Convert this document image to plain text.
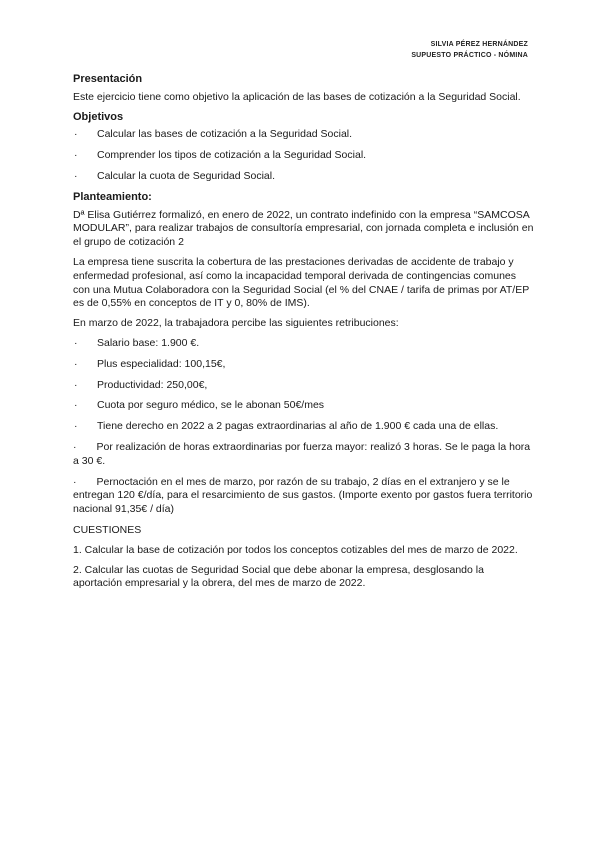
SILVIA PÉREZ HERNÁNDEZ
SUPUESTO PRÁCTICO - NÓMINA
Presentación
Este ejercicio tiene como objetivo la aplicación de las bases de cotización a la Seguridad Social.
Objetivos
· Calcular las bases de cotización a la Seguridad Social.
· Comprender los tipos de cotización a la Seguridad Social.
· Calcular la cuota de Seguridad Social.
Planteamiento:
Dª Elisa Gutiérrez formalizó, en enero de 2022, un contrato indefinido con la empresa “SAMCOSA MODULAR”, para realizar trabajos de consultoría empresarial, con jornada completa e inclusión en el grupo de cotización 2
La empresa tiene suscrita la cobertura de las prestaciones derivadas de accidente de trabajo y enfermedad profesional, así como la incapacidad temporal derivada de contingencias comunes con una Mutua Colaboradora con la Seguridad Social (el % del CNAE / tarifa de primas por AT/EP es de 0,55% en conceptos de IT y 0, 80% de IMS).
En marzo de 2022, la trabajadora percibe las siguientes retribuciones:
· Salario base: 1.900 €.
· Plus especialidad: 100,15€,
· Productividad: 250,00€,
· Cuota por seguro médico, se le abonan 50€/mes
· Tiene derecho en 2022 a 2 pagas extraordinarias al año de 1.900 € cada una de ellas.
· Por realización de horas extraordinarias por fuerza mayor: realizó 3 horas. Se le paga la hora a 30 €.
· Pernoctación en el mes de marzo, por razón de su trabajo, 2 días en el extranjero y se le entregan 120 €/día, para el resarcimiento de sus gastos. (Importe exento por gastos fuera territorio nacional 91,35€ / día)
CUESTIONES
1. Calcular la base de cotización por todos los conceptos cotizables del mes de marzo de 2022.
2. Calcular las cuotas de Seguridad Social que debe abonar la empresa, desglosando la aportación empresarial y la obrera, del mes de marzo de 2022.
